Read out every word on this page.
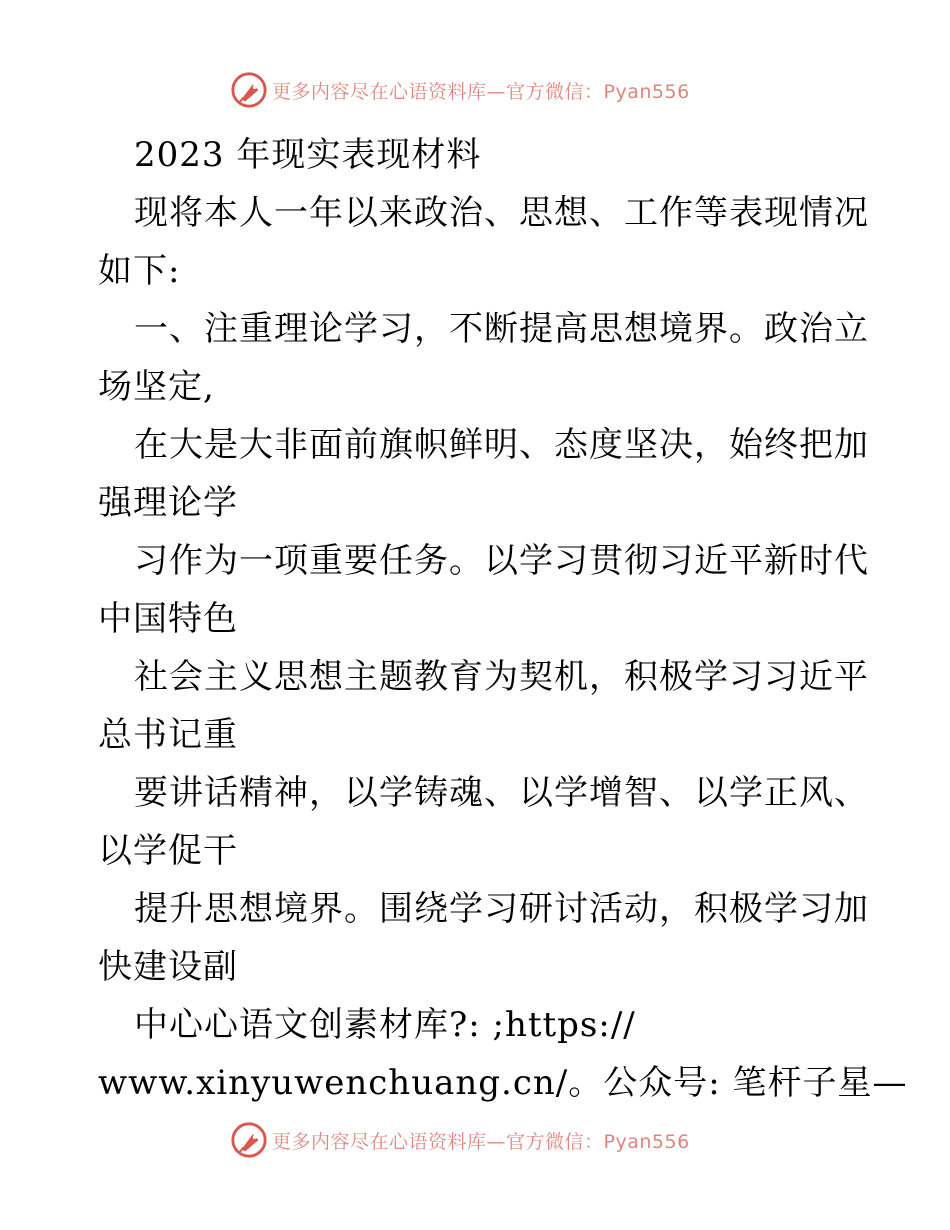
更多内容尽在心语资料库—官方微信：Pyan556

2023 年现实表现材料

现将本人一年以来政治、思想、工作等表现情况

如下:

一、注重理论学习，不断提高思想境界。政治立

场坚定,

在大是大非面前旗帜鲜明、态度坚决，始终把加

强理论学

习作为一项重要任务。以学习贯彻习近平新时代

中国特色

社会主义思想主题教育为契机，积极学习习近平

总书记重

要讲话精神，以学铸魂、以学增智、以学正风、

以学促干

提升思想境界。围绕学习研讨活动，积极学习加

快建设副

中心心语文创素材库?: ;https://

www.xinyuwenchuang.cn/。公众号: 笔杆子星—

更多内容尽在心语资料库—官方微信：Pyan556
